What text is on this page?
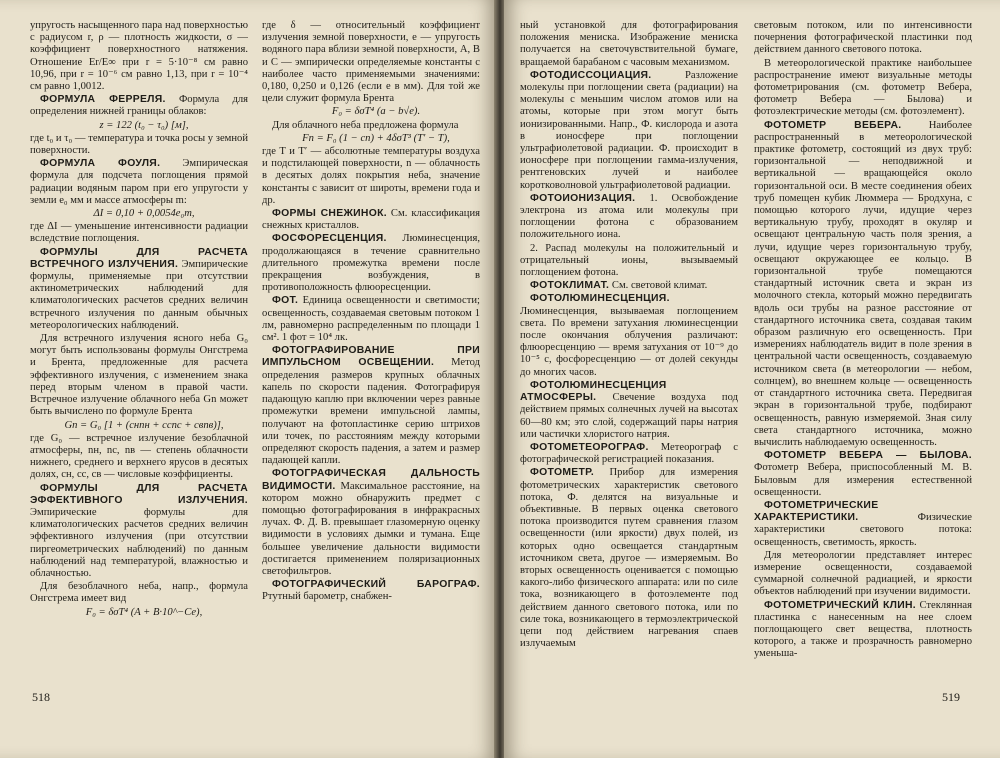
упругость насыщенного пара над поверхностью с радиусом r, ρ — плотность жидкости, σ — коэффициент поверхностного натяжения. Отношение Er/E∞ при r = 5·10⁻⁸ см равно 10,96, при r = 10⁻⁶ см равно 1,13, при r = 10⁻⁴ см равно 1,0012.

ФОРМУЛА ФЕРРЕЛЯ. Формула для определения нижней границы облаков:

z = 122 (t₀ − τ₀) [м],

где t₀ и τ₀ — температура и точка росы у земной поверхности.

ФОРМУЛА ФОУЛЯ. Эмпирическая формула для подсчета поглощения прямой радиации водяным паром при его упругости у земли e₀ мм и массе атмосферы m:

ΔI = 0,10 + 0,0054e₀m,

где ΔI — уменьшение интенсивности радиации вследствие поглощения.

ФОРМУЛЫ ДЛЯ РАСЧЕТА ВСТРЕЧНОГО ИЗЛУЧЕНИЯ. Эмпирические формулы, применяемые при отсутствии актинометрических наблюдений для климатологических расчетов средних величин встречного излучения по данным обычных метеорологических наблюдений.

Для встречного излучения ясного неба G₀ могут быть использованы формулы Онгстрема и Брента, предложенные для расчета эффективного излучения, с изменением знака перед вторым членом в правой части. Встречное излучение облачного неба Gn может быть вычислено по формуле Брента

Gn = G₀ [1 + (cнnн + cсnс + cвnв)],

где G₀ — встречное излучение безоблачной атмосферы, nн, nс, nв — степень облачности нижнего, среднего и верхнего ярусов в десятых долях, cн, cс, cв — числовые коэффициенты.

ФОРМУЛЫ ДЛЯ РАСЧЕТА ЭФФЕКТИВНОГО ИЗЛУЧЕНИЯ. Эмпирические формулы для климатологических расчетов средних величин эффективного излучения (при отсутствии пиргеометрических наблюдений) по данным наблюдений над температурой, влажностью и облачностью.

Для безоблачного неба, напр., формула Онгстрема имеет вид

F₀ = δσT⁴ (A + B·10^−Ce),

где δ — относительный коэффициент излучения земной поверхности, e — упругость водяного пара вблизи земной поверхности, A, B и C — эмпирически определяемые константы с наиболее часто применяемыми значениями: 0,180, 0,250 и 0,126 (если e в мм). Для той же цели служит формула Брента

F₀ = δσT⁴ (a − b√e).

Для облачного неба предложена формула

Fn = F₀ (1 − cn) + 4δσT³ (T′ − T),

где T и T′ — абсолютные температуры воздуха и подстилающей поверхности, n — облачность в десятых долях покрытия неба, значение константы c зависит от широты, времени года и др.

ФОРМЫ СНЕЖИНОК. См. классификация снежных кристаллов.

ФОСФОРЕСЦЕНЦИЯ. Люминесценция, продолжающаяся в течение сравнительно длительного промежутка времени после прекращения возбуждения, в противоположность флюоресценции.

ФОТ. Единица освещенности и светимости; освещенность, создаваемая световым потоком 1 лм, равномерно распределенным по площади 1 см². 1 фот = 10⁴ лк.

ФОТОГРАФИРОВАНИЕ ПРИ ИМПУЛЬСНОМ ОСВЕЩЕНИИ. Метод определения размеров крупных облачных капель по скорости падения. Фотографируя падающую каплю при включении через равные промежутки времени импульсной лампы, получают на фотопластинке серию штрихов или точек, по расстояниям между которыми определяют скорость падения, а затем и размер падающей капли.

ФОТОГРАФИЧЕСКАЯ ДАЛЬНОСТЬ ВИДИМОСТИ. Максимальное расстояние, на котором можно обнаружить предмет с помощью фотографирования в инфракрасных лучах. Ф. Д. В. превышает глазомерную оценку видимости в условиях дымки и тумана. Еще большее увеличение дальности видимости достигается применением поляризационных светофильтров.

ФОТОГРАФИЧЕСКИЙ БАРОГРАФ. Ртутный барометр, снабжен-

518

ный установкой для фотографирования положения мениска. Изображение мениска получается на светочувствительной бумаге, вращаемой барабаном с часовым механизмом.

ФОТОДИССОЦИАЦИЯ.	Разложение молекулы при поглощении света (радиации) на молекулы с меньшим числом атомов или на атомы, которые при этом могут быть ионизированными. Напр., Ф. кислорода и азота в ионосфере при поглощении ультрафиолетовой радиации. Ф. происходит в ионосфере при поглощении гамма-излучения, рентгеновских лучей и наиболее коротковолновой ультрафиолетовой радиации.

ФОТОИОНИЗАЦИЯ. 1. Освобождение электрона из атома или молекулы при поглощении фотона с образованием положительного иона.

2. Распад молекулы на положительный и отрицательный ионы, вызываемый поглощением фотона.

ФОТОКЛИМАТ. См. световой климат.

ФОТОЛЮМИНЕСЦЕНЦИЯ. Люминесценция, вызываемая поглощением света. По времени затухания люминесценции после окончания облучения различают: флюоресценцию — время затухания от 10⁻⁹ до 10⁻⁵ с, фосфоресценцию — от долей секунды до многих часов.

ФОТОЛЮМИНЕСЦЕНЦИЯ АТМОСФЕРЫ. Свечение воздуха под действием прямых солнечных лучей на высотах 60—80 км; это слой, содержащий пары натрия или частички хлористого натрия.

ФОТОМЕТЕОРОГРАФ. Метеорограф с фотографической регистрацией показания.

ФОТОМЕТР. Прибор для измерения фотометрических характеристик светового потока, Ф. делятся на визуальные и объективные. В первых оценка светового потока производится путем сравнения глазом освещенности (или яркости) двух полей, из которых одно освещается стандартным источником света, другое — измеряемым. Во вторых освещенность оценивается с помощью какого-либо физического аппарата: или по силе тока, возникающего в фотоэлементе под действием данного светового потока, или по силе тока, возникающего в термоэлектрической цепи под действием нагревания спаев излучаемым

световым потоком, или по интенсивности почернения фотографической пластинки под действием данного светового потока.

В метеорологической практике наибольшее распространение имеют визуальные методы фотометрирования (см. фотометр Вебера, фотометр Вебера — Былова) и фотоэлектрические методы (см. фотоэлемент).

ФОТОМЕТР ВЕБЕРА.	Наиболее распространенный в метеорологической практике фотометр, состоящий из двух труб: горизонтальной — неподвижной и вертикальной — вращающейся около горизонтальной оси. В месте соединения обеих труб помещен кубик Люммера — Бродхуна, с помощью которого лучи, идущие через вертикальную трубу, проходят в окуляр и освещают центральную часть поля зрения, а лучи, идущие через горизонтальную трубу, освещают окружающее ее кольцо. В горизонтальной трубе помещаются стандартный источник света и экран из молочного стекла, который можно передвигать вдоль оси трубы на разное расстояние от стандартного источника света, создавая таким образом различную его освещенность. При измерениях наблюдатель видит в поле зрения в центральной части освещенность, создаваемую источником света (в метеорологии — небом, солнцем), во внешнем кольце — освещенность от стандартного источника света. Передвигая экран в горизонтальной трубе, подбирают освещенность, равную измеряемой. Зная силу света стандартного источника, можно вычислить наблюдаемую освещенность.

ФОТОМЕТР ВЕБЕРА — БЫЛОВА. Фотометр Вебера, приспособленный М. В. Быловым для измерения естественной освещенности.

ФОТОМЕТРИЧЕСКИЕ ХАРАКТЕРИСТИКИ.	Физические характеристики светового потока: освещенность, светимость, яркость.

Для метеорологии представляет интерес измерение освещенности, создаваемой суммарной солнечной радиацией, и яркости объектов наблюдений при изучении видимости.

ФОТОМЕТРИЧЕСКИЙ КЛИН. Стеклянная пластинка с нанесенным на нее слоем поглощающего свет вещества, плотность которого, а также и прозрачность равномерно уменьша-

519
